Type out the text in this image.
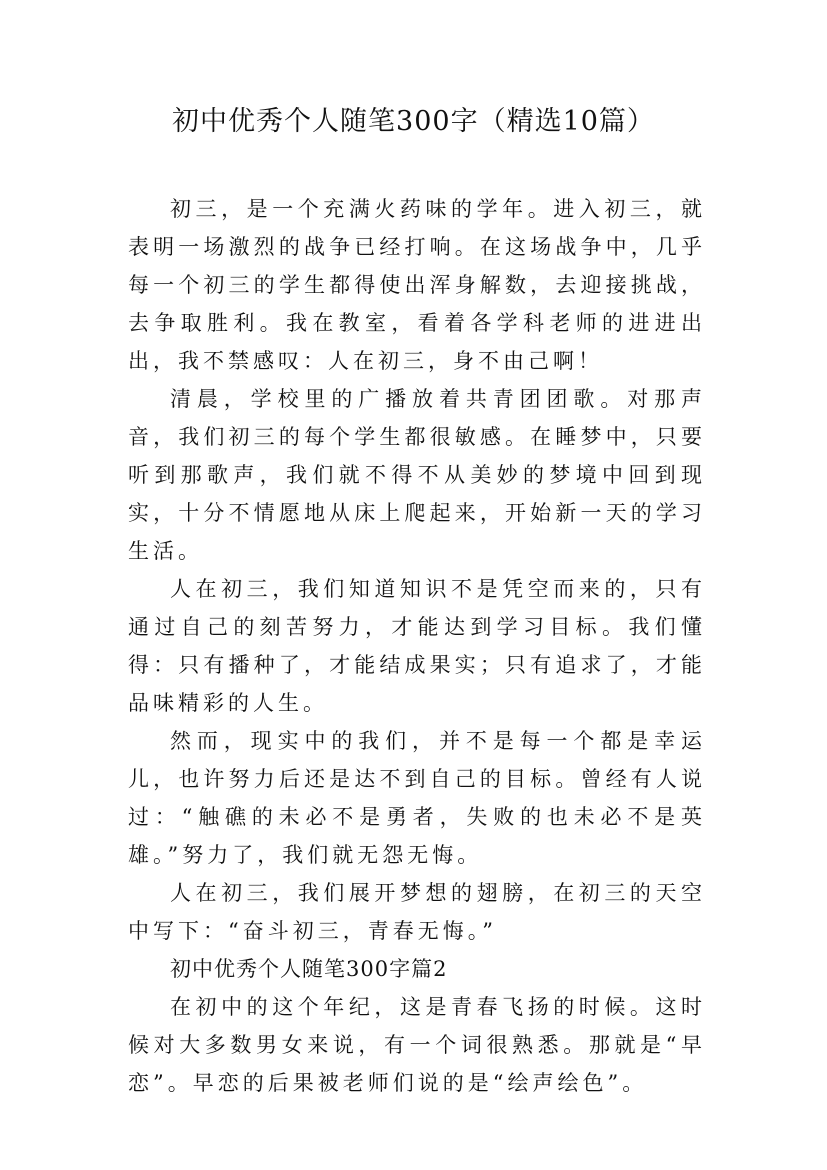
初中优秀个人随笔300字（精选10篇）

初三，是一个充满火药味的学年。进入初三，就表明一场激烈的战争已经打响。在这场战争中，几乎每一个初三的学生都得使出浑身解数，去迎接挑战，去争取胜利。我在教室，看着各学科老师的进进出出，我不禁感叹：人在初三，身不由己啊！

清晨，学校里的广播放着共青团团歌。对那声音，我们初三的每个学生都很敏感。在睡梦中，只要听到那歌声，我们就不得不从美妙的梦境中回到现实，十分不情愿地从床上爬起来，开始新一天的学习生活。

人在初三，我们知道知识不是凭空而来的，只有通过自己的刻苦努力，才能达到学习目标。我们懂得：只有播种了，才能结成果实；只有追求了，才能品味精彩的人生。

然而，现实中的我们，并不是每一个都是幸运儿，也许努力后还是达不到自己的目标。曾经有人说过：“触礁的未必不是勇者，失败的也未必不是英雄。”努力了，我们就无怨无悔。

人在初三，我们展开梦想的翅膀，在初三的天空中写下：“奋斗初三，青春无悔。”

初中优秀个人随笔300字篇2

在初中的这个年纪，这是青春飞扬的时候。这时候对大多数男女来说，有一个词很熟悉。那就是“早恋”。早恋的后果被老师们说的是“绘声绘色”。
